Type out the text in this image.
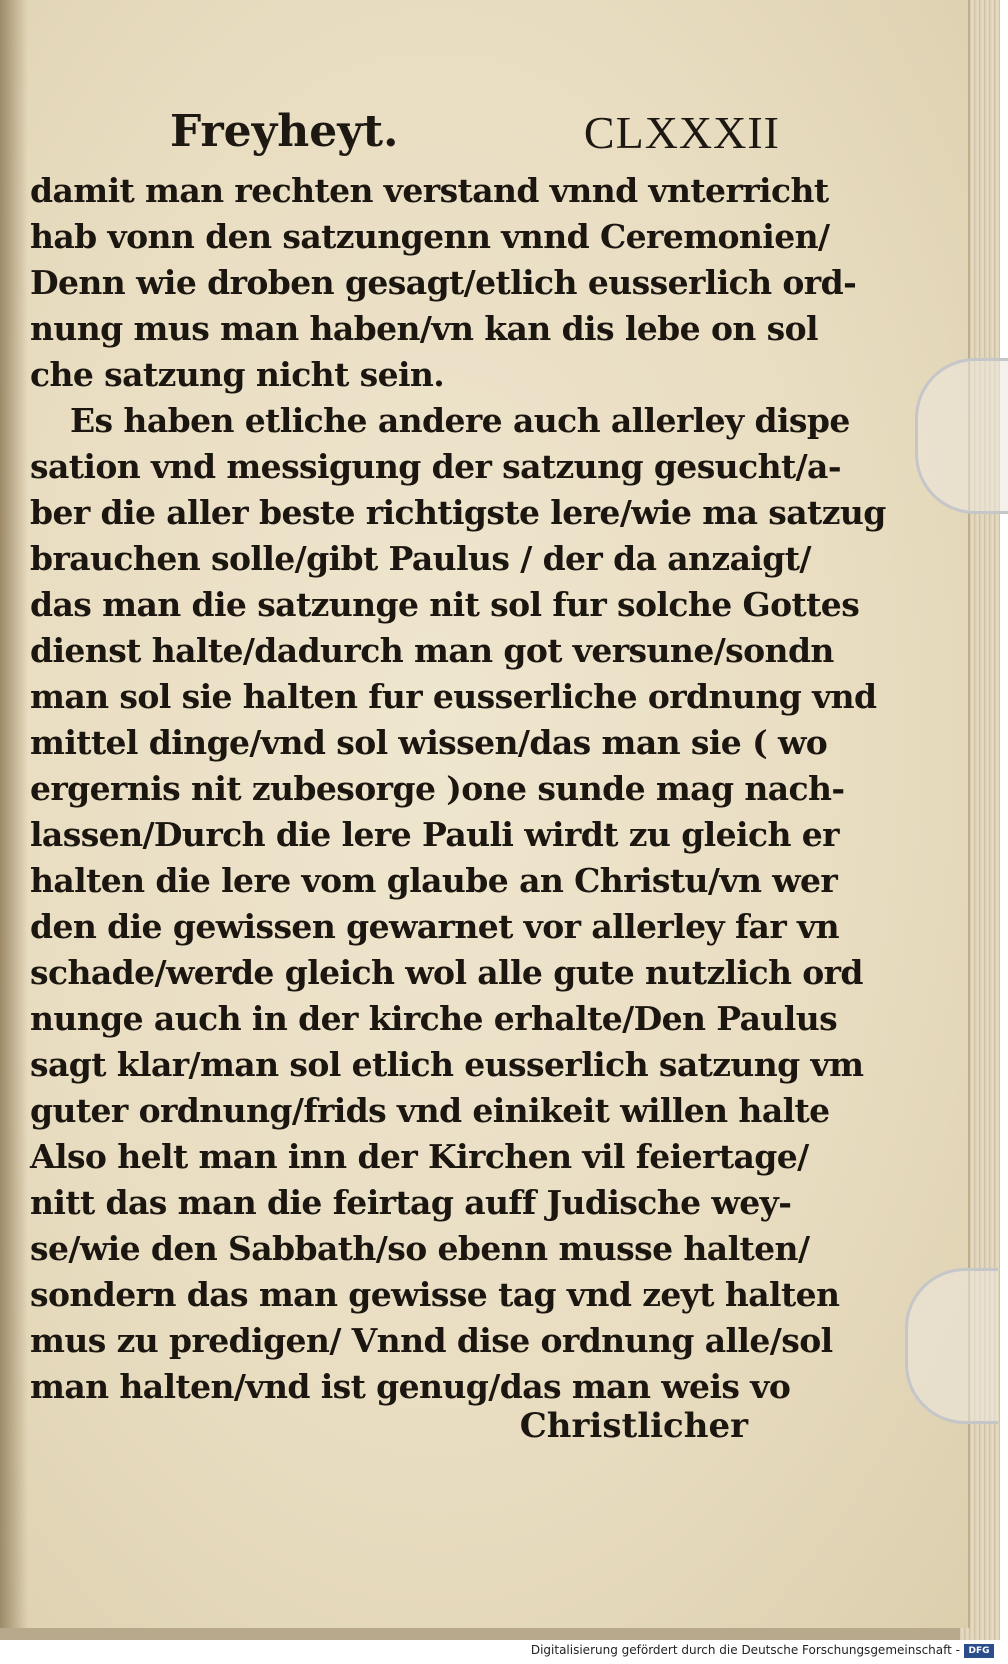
Freyheyt.	CLXXXII
damit man rechten verstand vnnd vnterricht
hab vonn den satzungenn vnnd Ceremonien/
Denn wie droben gesagt/etlich eusserlich ord-
nung mus man haben/vn kan dis lebe on sol
che satzung nicht sein.
Es haben etliche andere auch allerley dispe
sation vnd messigung der satzung gesucht/a-
ber die aller beste richtigste lere/wie ma satzug
brauchen solle/gibt Paulus / der da anzaigt/
das man die satzunge nit sol fur solche Gottes
dienst halte/dadurch man got versune/sondn
man sol sie halten fur eusserliche ordnung vnd
mittel dinge/vnd sol wissen/das man sie ( wo
ergernis nit zubesorge )one sunde mag nach-
lassen/Durch die lere Pauli wirdt zu gleich er
halten die lere vom glaube an Christu/vn wer
den die gewissen gewarnet vor allerley far vn
schade/werde gleich wol alle gute nutzlich ord
nunge auch in der kirche erhalte/Den Paulus
sagt klar/man sol etlich eusserlich satzung vm
guter ordnung/frids vnd einikeit willen halte
Also helt man inn der Kirchen vil feiertage/
nitt das man die feirtag auff Judische wey-
se/wie den Sabbath/so ebenn musse halten/
sondern das man gewisse tag vnd zeyt halten
mus zu predigen/ Vnnd dise ordnung alle/sol
man halten/vnd ist genug/das man weis vo
Christlicher
Digitalisierung gefördert durch die Deutsche Forschungsgemeinschaft - DFG
